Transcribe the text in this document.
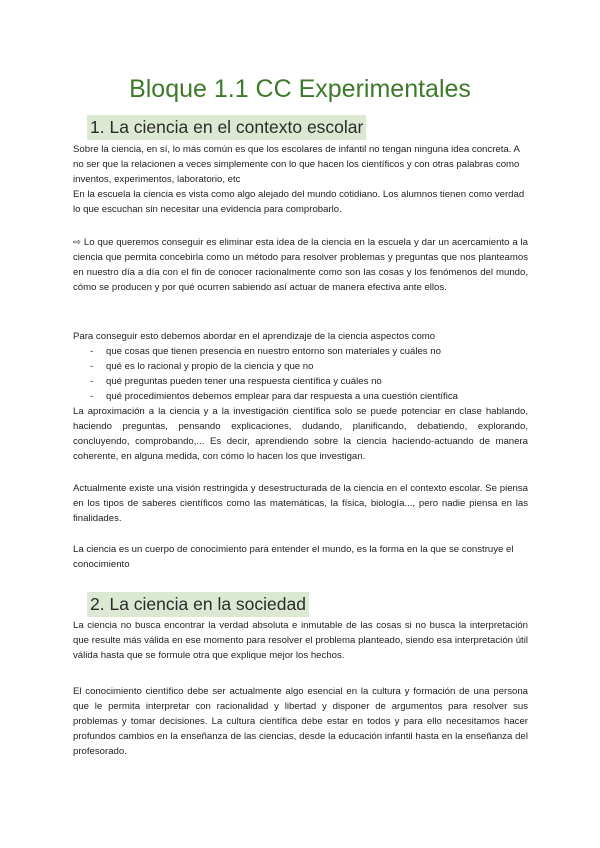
Bloque 1.1 CC Experimentales
1. La ciencia en el contexto escolar

Sobre la ciencia, en sí, lo más común es que los escolares de infantil no tengan ninguna idea concreta. A no ser que la relacionen a veces simplemente con lo que hacen los científicos y con otras palabras como inventos, experimentos, laboratorio, etc

En la escuela la ciencia es vista como algo alejado del mundo cotidiano. Los alumnos tienen como verdad lo que escuchan sin necesitar una evidencia para comprobarlo.

⇨ Lo que queremos conseguir es eliminar esta idea de la ciencia en la escuela y dar un acercamiento a la ciencia que permita concebirla como un método para resolver problemas y preguntas que nos planteamos en nuestro día a día con el fin de conocer racionalmente como son las cosas y los fenómenos del mundo, cómo se producen y por qué ocurren sabiendo así actuar de manera efectiva ante ellos.

Para conseguir esto debemos abordar en el aprendizaje de la ciencia aspectos como

- que cosas que tienen presencia en nuestro entorno son materiales y cuáles no
- qué es lo racional y propio de la ciencia y que no
- qué preguntas pueden tener una respuesta científica y cuáles no
- qué procedimientos debemos emplear para dar respuesta a una cuestión científica

La aproximación a la ciencia y a la investigación científica solo se puede potenciar en clase hablando, haciendo preguntas, pensando explicaciones, dudando, planificando, debatiendo, explorando, concluyendo, comprobando,... Es decir, aprendiendo sobre la ciencia haciendo-actuando de manera coherente, en alguna medida, con cómo lo hacen los que investigan.

Actualmente existe una visión restringida y desestructurada de la ciencia en el contexto escolar. Se piensa en los tipos de saberes científicos como las matemáticas, la física, biología..., pero nadie piensa en las finalidades.

La ciencia es un cuerpo de conocimiento para entender el mundo, es la forma en la que se construye el conocimiento

2. La ciencia en la sociedad

La ciencia no busca encontrar la verdad absoluta e inmutable de las cosas si no busca la interpretación que resulte más válida en ese momento para resolver el problema planteado, siendo esa interpretación útil válida hasta que se formule otra que explique mejor los hechos.

El conocimiento científico debe ser actualmente algo esencial en la cultura y formación de una persona que le permita interpretar con racionalidad y libertad y disponer de argumentos para resolver sus problemas y tomar decisiones. La cultura científica debe estar en todos y para ello necesitamos hacer profundos cambios en la enseñanza de las ciencias, desde la educación infantil hasta en la enseñanza del profesorado.
